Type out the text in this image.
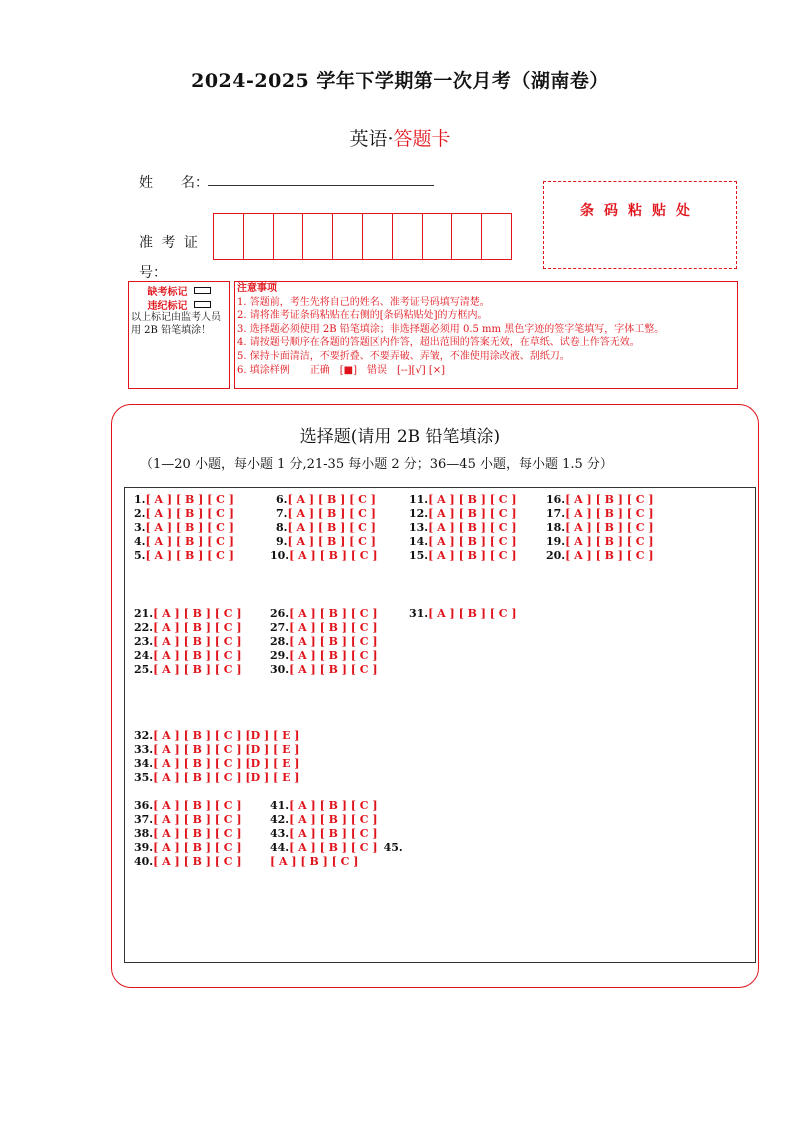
2024-2025 学年下学期第一次月考（湖南卷）
英语·答题卡
姓　　名：
准 考 证
号：
条码粘贴处
缺考标记
违纪标记
以上标记由监考人员
用 2B 铅笔填涂！
注意事项
1. 答题前，考生先将自己的姓名、准考证号码填写清楚。
2. 请将准考证条码粘贴在右侧的[条码粘贴处]的方框内。
3. 选择题必须使用 2B 铅笔填涂；非选择题必须用 0.5 mm 黑色字迹的签字笔填写，字体工整。
4. 请按题号顺序在各题的答题区内作答，超出范围的答案无效，在草纸、试卷上作答无效。
5. 保持卡面清洁，不要折叠、不要弄破、弄皱，不准使用涂改液、刮纸刀。
6. 填涂样例　　正确　[■]　错误　[--][√] [×]
选择题(请用 2B 铅笔填涂)
（1—20 小题，每小题 1 分,21-35 每小题 2 分；36—45 小题，每小题 1.5 分）
1.[ A ] [ B ] [ C ]
2.[ A ] [ B ] [ C ]
3.[ A ] [ B ] [ C ]
4.[ A ] [ B ] [ C ]
5.[ A ] [ B ] [ C ]
6.[ A ] [ B ] [ C ]
7.[ A ] [ B ] [ C ]
8.[ A ] [ B ] [ C ]
9.[ A ] [ B ] [ C ]
10.[ A ] [ B ] [ C ]
11.[ A ] [ B ] [ C ]
12.[ A ] [ B ] [ C ]
13.[ A ] [ B ] [ C ]
14.[ A ] [ B ] [ C ]
15.[ A ] [ B ] [ C ]
16.[ A ] [ B ] [ C ]
17.[ A ] [ B ] [ C ]
18.[ A ] [ B ] [ C ]
19.[ A ] [ B ] [ C ]
20.[ A ] [ B ] [ C ]
21.[ A ] [ B ] [ C ]
22.[ A ] [ B ] [ C ]
23.[ A ] [ B ] [ C ]
24.[ A ] [ B ] [ C ]
25.[ A ] [ B ] [ C ]
26.[ A ] [ B ] [ C ]
27.[ A ] [ B ] [ C ]
28.[ A ] [ B ] [ C ]
29.[ A ] [ B ] [ C ]
30.[ A ] [ B ] [ C ]
31.[ A ] [ B ] [ C ]
32.[ A ] [ B ] [ C ] [D ] [ E ]
33.[ A ] [ B ] [ C ] [D ] [ E ]
34.[ A ] [ B ] [ C ] [D ] [ E ]
35.[ A ] [ B ] [ C ] [D ] [ E ]
36.[ A ] [ B ] [ C ]
37.[ A ] [ B ] [ C ]
38.[ A ] [ B ] [ C ]
39.[ A ] [ B ] [ C ]
40.[ A ] [ B ] [ C ]
41.[ A ] [ B ] [ C ]
42.[ A ] [ B ] [ C ]
43.[ A ] [ B ] [ C ]
44.[ A ] [ B ] [ C ] 45.
[ A ] [ B ] [ C ]
